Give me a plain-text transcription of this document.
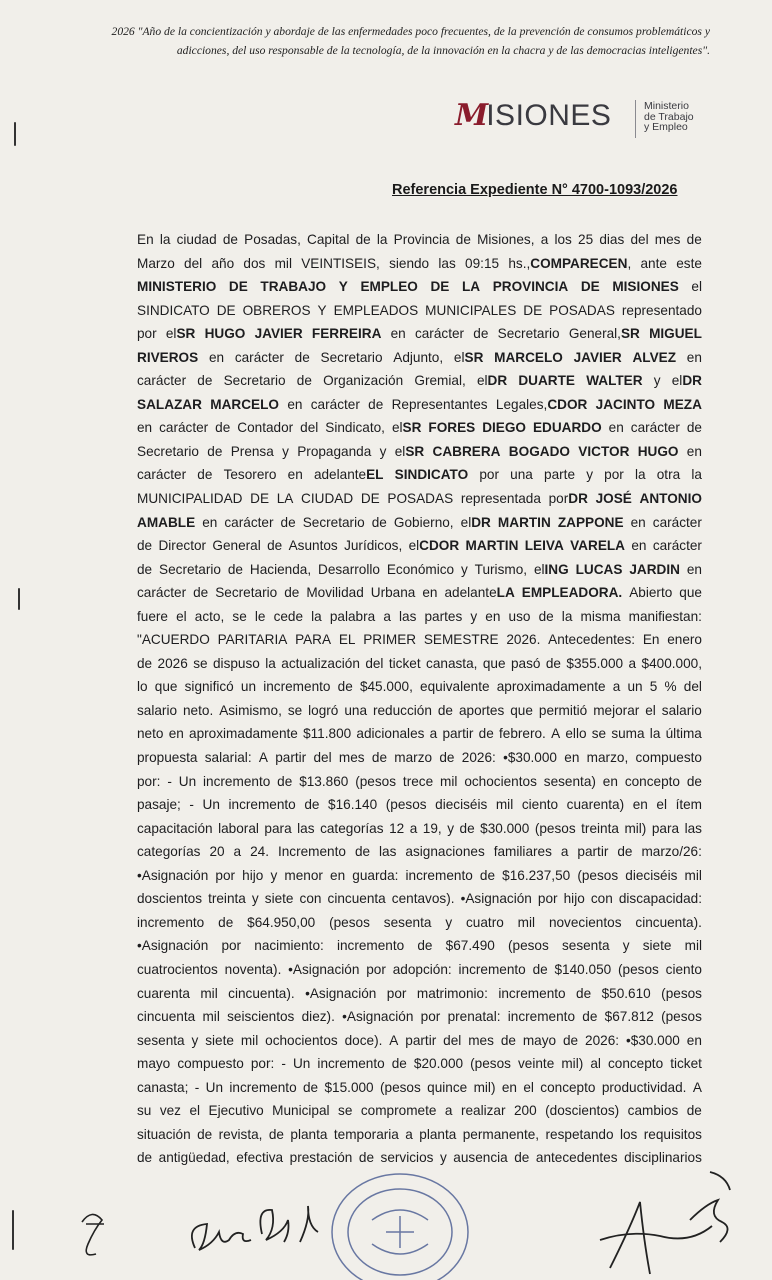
2026 "Año de la concientización y abordaje de las enfermedades poco frecuentes, de la prevención de consumos problemáticos y
adicciones, del uso responsable de la tecnología, de la innovación en la chacra y de las democracias inteligentes".
MISIONES	Ministerio
de Trabajo
y Empleo
Referencia Expediente N° 4700-1093/2026
En la ciudad de Posadas, Capital de la Provincia de Misiones, a los 25 dias del mes de
Marzo del año dos mil VEINTISEIS, siendo las 09:15 hs.,COMPARECEN, ante este
MINISTERIO DE TRABAJO Y EMPLEO DE LA PROVINCIA DE MISIONES el
SINDICATO DE OBREROS Y EMPLEADOS MUNICIPALES DE POSADAS representado
por elSR HUGO JAVIER FERREIRA en carácter de Secretario General,SR MIGUEL
RIVEROS en carácter de Secretario Adjunto, elSR MARCELO JAVIER ALVEZ en
carácter de Secretario de Organización Gremial, elDR DUARTE WALTER y elDR
SALAZAR MARCELO en carácter de Representantes Legales,CDOR JACINTO MEZA
en carácter de Contador del Sindicato, elSR FORES DIEGO EDUARDO en carácter de
Secretario de Prensa y Propaganda y elSR CABRERA BOGADO VICTOR HUGO en
carácter de Tesorero en adelanteEL SINDICATO por una parte y por la otra la
MUNICIPALIDAD DE LA CIUDAD DE POSADAS representada porDR JOSÉ ANTONIO
AMABLE en carácter de Secretario de Gobierno, elDR MARTIN ZAPPONE en carácter
de Director General de Asuntos Jurídicos, elCDOR MARTIN LEIVA VARELA en carácter
de Secretario de Hacienda, Desarrollo Económico y Turismo, elING LUCAS JARDIN en
carácter de Secretario de Movilidad Urbana en adelanteLA EMPLEADORA. Abierto que
fuere el acto, se le cede la palabra a las partes y en uso de la misma manifiestan:
"ACUERDO PARITARIA PARA EL PRIMER SEMESTRE 2026. Antecedentes: En enero
de 2026 se dispuso la actualización del ticket canasta, que pasó de $355.000 a $400.000,
lo que significó un incremento de $45.000, equivalente aproximadamente a un 5 % del
salario neto. Asimismo, se logró una reducción de aportes que permitió mejorar el salario
neto en aproximadamente $11.800 adicionales a partir de febrero. A ello se suma la última
propuesta salarial: A partir del mes de marzo de 2026: •$30.000 en marzo, compuesto
por: - Un incremento de $13.860 (pesos trece mil ochocientos sesenta) en concepto de
pasaje; - Un incremento de $16.140 (pesos dieciséis mil ciento cuarenta) en el ítem
capacitación laboral para las categorías 12 a 19, y de $30.000 (pesos treinta mil) para las
categorías 20 a 24. Incremento de las asignaciones familiares a partir de marzo/26:
•Asignación por hijo y menor en guarda: incremento de $16.237,50 (pesos dieciséis mil
doscientos treinta y siete con cincuenta centavos). •Asignación por hijo con discapacidad:
incremento de $64.950,00 (pesos sesenta y cuatro mil novecientos cincuenta).
•Asignación por nacimiento: incremento de $67.490 (pesos sesenta y siete mil
cuatrocientos noventa). •Asignación por adopción: incremento de $140.050 (pesos ciento
cuarenta mil cincuenta). •Asignación por matrimonio: incremento de $50.610 (pesos
cincuenta mil seiscientos diez). •Asignación por prenatal: incremento de $67.812 (pesos
sesenta y siete mil ochocientos doce). A partir del mes de mayo de 2026: •$30.000 en
mayo compuesto por: - Un incremento de $20.000 (pesos veinte mil) al concepto ticket
canasta; - Un incremento de $15.000 (pesos quince mil) en el concepto productividad. A
su vez el Ejecutivo Municipal se compromete a realizar 200 (doscientos) cambios de
situación de revista, de planta temporaria a planta permanente, respetando los requisitos
de antigüedad, efectiva prestación de servicios y ausencia de antecedentes disciplinarios
